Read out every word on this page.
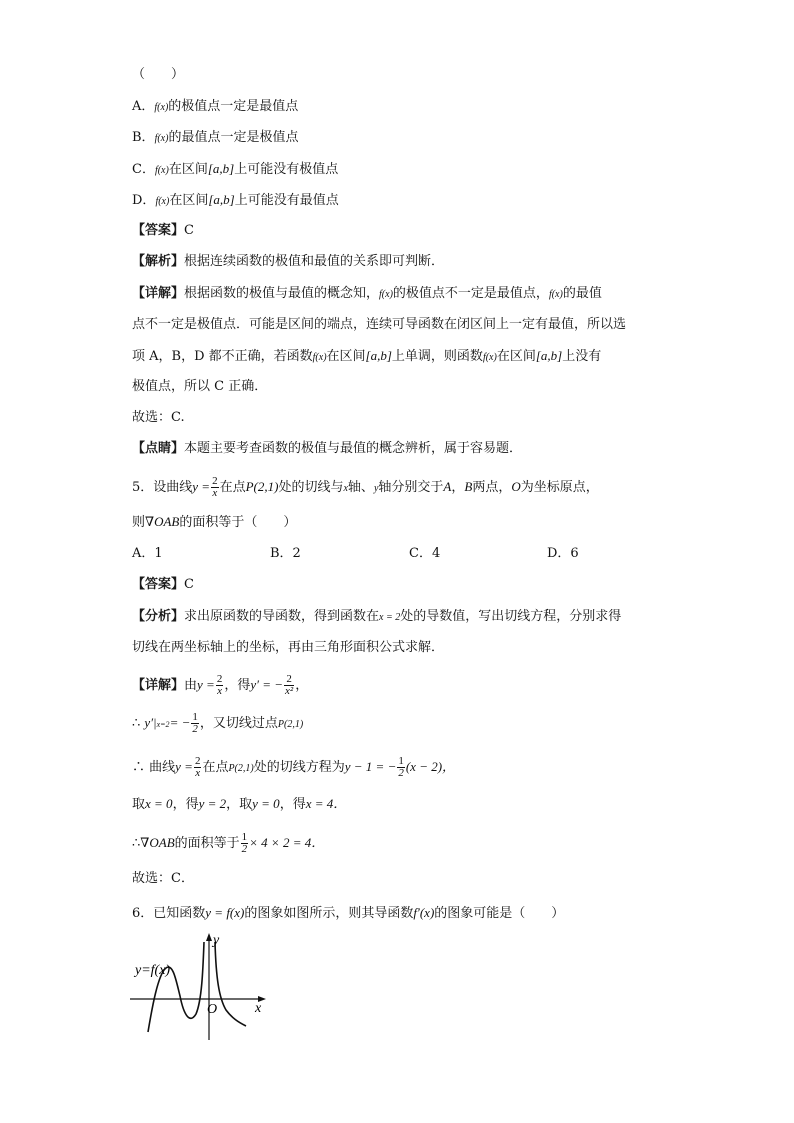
（　　）
A．f(x)的极值点一定是最值点
B．f(x)的最值点一定是极值点
C．f(x)在区间[a,b]上可能没有极值点
D．f(x)在区间[a,b]上可能没有最值点
【答案】C
【解析】根据连续函数的极值和最值的关系即可判断．
【详解】根据函数的极值与最值的概念知，f(x)的极值点不一定是最值点，f(x)的最值
点不一定是极值点．可能是区间的端点，连续可导函数在闭区间上一定有最值，所以选
项 A，B，D 都不正确，若函数f(x)在区间[a,b]上单调，则函数f(x)在区间[a,b]上没有
极值点，所以 C 正确．
故选：C.
【点睛】本题主要考查函数的极值与最值的概念辨析，属于容易题．
5．设曲线$y = \frac{2}{x}$ 在点P(2,1)处的切线与x轴、y轴分别交于A，B两点，O为坐标原点，
则∇OAB的面积等于（　　）
A．1	B．2	C．4	D．6
【答案】C
【分析】求出原函数的导函数，得到函数在x = 2处的导数值，写出切线方程，分别求得
切线在两坐标轴上的坐标，再由三角形面积公式求解．
【详解】由$y = \frac{2}{x}$ ，得y′ = − $\frac{2}{\text{x²}}$ ，
∴ $y'|x=2= - \frac{1}{2}$ ，又切线过点P(2,1)
∴ 曲线$y = \frac{2}{x}$ 在点P(2,1)处的切线方程为y − 1 = − $\frac{1}{2} (x - 2)$，
取x = 0，得y = 2，取y = 0，得x = 4．
∴∇OAB的面积等于 $\frac{1}{2} \times 4 \times 2 = 4$．
故选：C．
6．已知函数y = f(x)的图象如图所示，则其导函数f′(x)的图象可能是（　　）
y=f(x)
y
x
O
